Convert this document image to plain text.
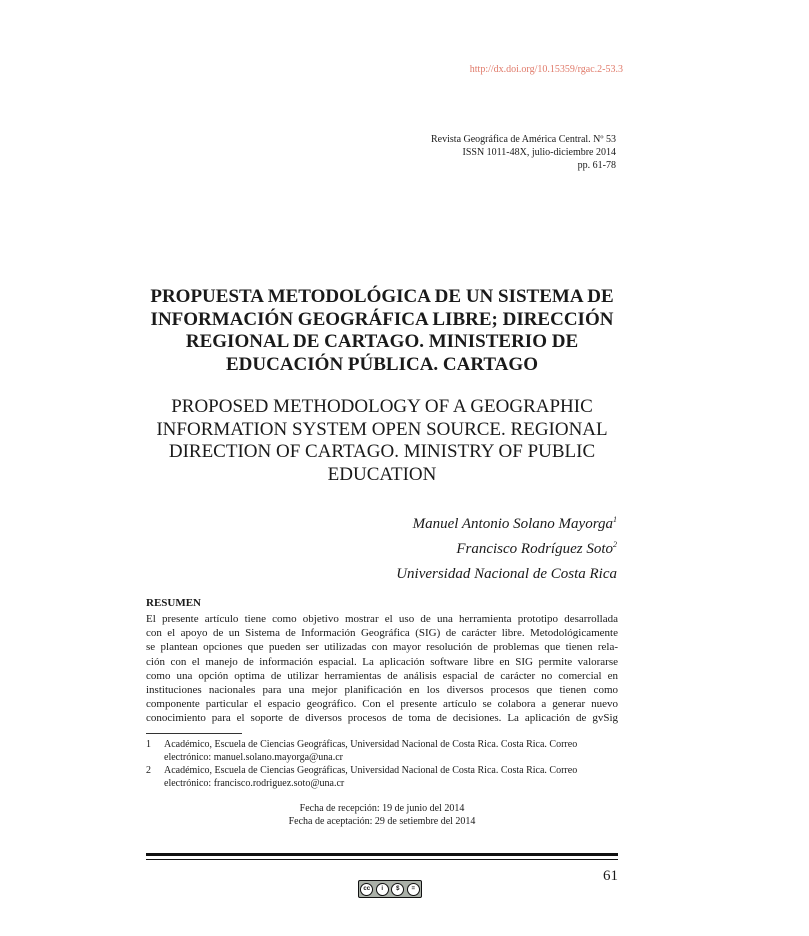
http://dx.doi.org/10.15359/rgac.2-53.3
Revista Geográfica de América Central. Nº 53
ISSN 1011-48X, julio-diciembre 2014
pp. 61-78
PROPUESTA METODOLÓGICA DE UN SISTEMA DE
INFORMACIÓN GEOGRÁFICA LIBRE; DIRECCIÓN
REGIONAL DE CARTAGO. MINISTERIO DE
EDUCACIÓN PÚBLICA. CARTAGO
PROPOSED METHODOLOGY OF A GEOGRAPHIC
INFORMATION SYSTEM OPEN SOURCE. REGIONAL
DIRECTION OF CARTAGO. MINISTRY OF PUBLIC
EDUCATION
Manuel Antonio Solano Mayorga$^1$
Francisco Rodríguez Soto$^2$
Universidad Nacional de Costa Rica
RESUMEN

El presente artículo tiene como objetivo mostrar el uso de una herramienta prototipo desarrollada
con el apoyo de un Sistema de Información Geográfica (SIG) de carácter libre. Metodológicamente
se plantean opciones que pueden ser utilizadas con mayor resolución de problemas que tienen rela-
ción con el manejo de información espacial. La aplicación software libre en SIG permite valorarse
como una opción optima de utilizar herramientas de análisis espacial de carácter no comercial en
instituciones nacionales para una mejor planificación en los diversos procesos que tienen como
componente particular el espacio geográfico. Con el presente artículo se colabora a generar nuevo
conocimiento para el soporte de diversos procesos de toma de decisiones. La aplicación de gvSig

1	Académico, Escuela de Ciencias Geográficas, Universidad Nacional de Costa Rica. Costa Rica. Correo electrónico: manuel.solano.mayorga@una.cr
2	Académico, Escuela de Ciencias Geográficas, Universidad Nacional de Costa Rica. Costa Rica. Correo electrónico: francisco.rodriguez.soto@una.cr
Fecha de recepción: 19 de junio del 2014
Fecha de aceptación: 29 de setiembre del 2014
61
cc	i	$	=
